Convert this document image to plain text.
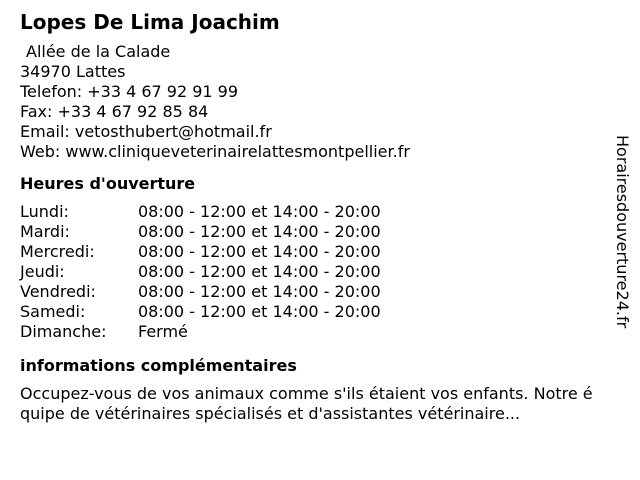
Lopes De Lima Joachim
Allée de la Calade
34970 Lattes
Telefon: +33 4 67 92 91 99
Fax: +33 4 67 92 85 84
Email: vetosthubert@hotmail.fr
Web: www.cliniqueveterinairelattesmontpellier.fr
Heures d'ouverture
Lundi:	08:00 - 12:00 et 14:00 - 20:00
Mardi:	08:00 - 12:00 et 14:00 - 20:00
Mercredi:	08:00 - 12:00 et 14:00 - 20:00
Jeudi:	08:00 - 12:00 et 14:00 - 20:00
Vendredi:	08:00 - 12:00 et 14:00 - 20:00
Samedi:	08:00 - 12:00 et 14:00 - 20:00
Dimanche:	Fermé
informations complémentaires
Occupez-vous de vos animaux comme s'ils étaient vos enfants. Notre équipe de vétérinaires spécialisés et d'assistantes vétérinaire...
Horairesdouverture24.fr
